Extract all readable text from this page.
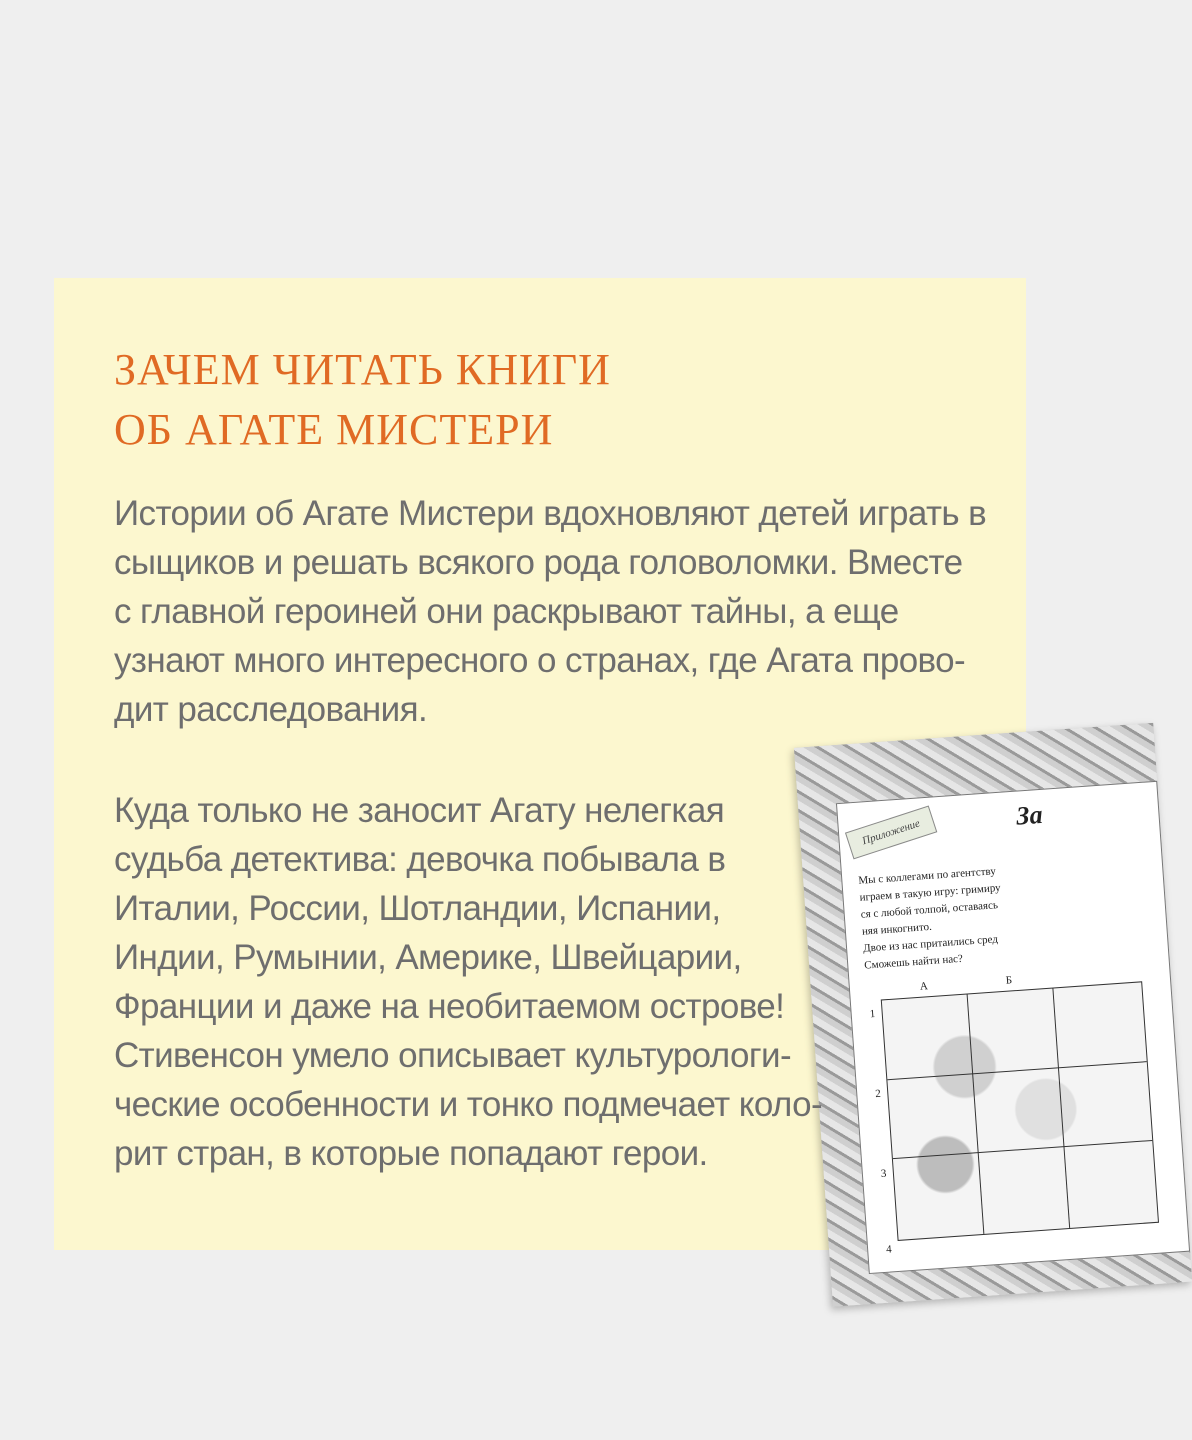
Приложение
За
Мы с коллегами по агентству
играем в такую игру: гримиру
ся с любой толпой, оставаясь
няя инкогнито.
Двое из нас притаились сред
Сможешь найти нас?
А	Б
1
2
3
4
ЗАЧЕМ ЧИТАТЬ КНИГИ
ОБ АГАТЕ МИСТЕРИ

Истории об Агате Мистери вдохновляют детей играть в
сыщиков и решать всякого рода головоломки. Вместе
с главной героиней они раскрывают тайны, а еще
узнают много интересного о странах, где Агата прово-
дит расследования.

Куда только не заносит Агату нелегкая
судьба детектива: девочка побывала в
Италии, России, Шотландии, Испании,
Индии, Румынии, Америке, Швейцарии,
Франции и даже на необитаемом острове!
Стивенсон умело описывает культурологи-
ческие особенности и тонко подмечает коло-
рит стран, в которые попадают герои.
